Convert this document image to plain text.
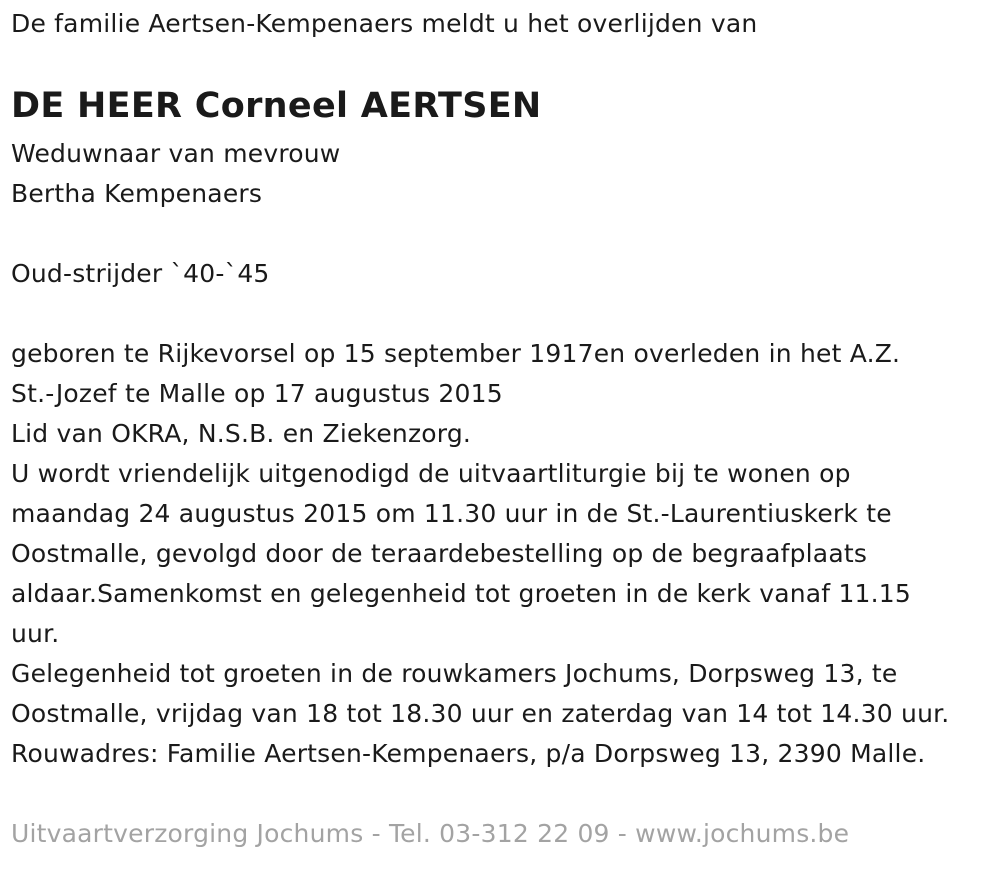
De familie Aertsen-Kempenaers meldt u het overlijden van
DE HEER Corneel AERTSEN
Weduwnaar van mevrouw
Bertha Kempenaers
Oud-strijder `40-`45
geboren te Rijkevorsel op 15 september 1917en overleden in het A.Z.
St.-Jozef te Malle op 17 augustus 2015
Lid van OKRA, N.S.B. en Ziekenzorg.
U wordt vriendelijk uitgenodigd de uitvaartliturgie bij te wonen op
maandag 24 augustus 2015 om 11.30 uur in de St.-Laurentiuskerk te
Oostmalle, gevolgd door de teraardebestelling op de begraafplaats
aldaar.Samenkomst en gelegenheid tot groeten in de kerk vanaf 11.15
uur.
Gelegenheid tot groeten in de rouwkamers Jochums, Dorpsweg 13, te
Oostmalle, vrijdag van 18 tot 18.30 uur en zaterdag van 14 tot 14.30 uur.
Rouwadres: Familie Aertsen-Kempenaers, p/a Dorpsweg 13, 2390 Malle.
Uitvaartverzorging Jochums - Tel. 03-312 22 09 - www.jochums.be
